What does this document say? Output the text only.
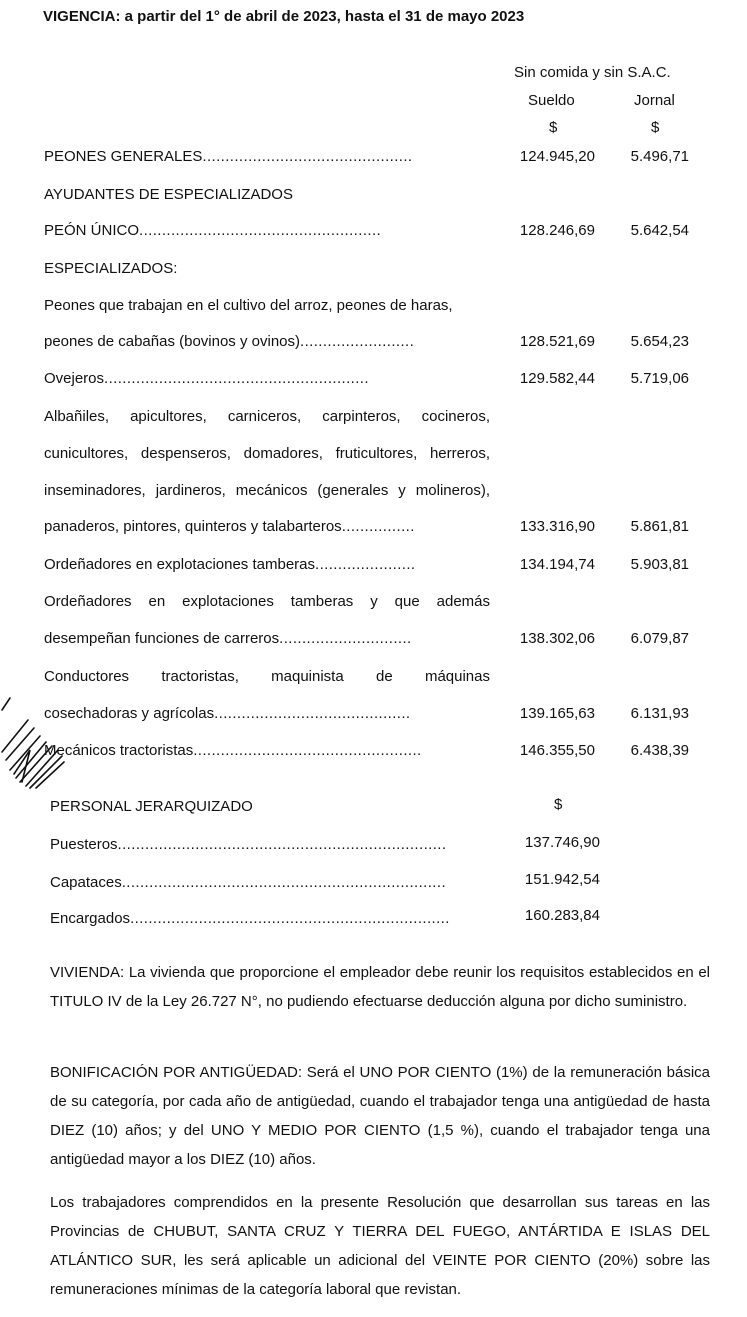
VIGENCIA: a partir del 1° de abril de 2023, hasta el 31 de mayo 2023
Sin comida y sin S.A.C.
Sueldo	Jornal
$	$
PEONES GENERALES..............................................	124.945,20	5.496,71
AYUDANTES DE ESPECIALIZADOS
PEÓN ÚNICO.....................................................	128.246,69	5.642,54
ESPECIALIZADOS:
Peones que trabajan en el cultivo del arroz, peones de haras,
peones de cabañas (bovinos y ovinos).........................	128.521,69	5.654,23
Ovejeros..........................................................	129.582,44	5.719,06
Albañiles, apicultores, carniceros, carpinteros, cocineros,
cunicultores, despenseros, domadores, fruticultores, herreros,
inseminadores, jardineros, mecánicos (generales y molineros),
panaderos, pintores, quinteros y talabarteros................	133.316,90	5.861,81
Ordeñadores en explotaciones tamberas......................	134.194,74	5.903,81
Ordeñadores en explotaciones tamberas y que además
desempeñan funciones de carreros.............................	138.302,06	6.079,87
Conductores tractoristas, maquinista de máquinas
cosechadoras y agrícolas...........................................	139.165,63	6.131,93
Mecánicos tractoristas..................................................	146.355,50	6.438,39
PERSONAL JERARQUIZADO	$
Puesteros........................................................................	137.746,90
Capataces.......................................................................	151.942,54
Encargados......................................................................	160.283,84
VIVIENDA: La vivienda que proporcione el empleador debe reunir los requisitos establecidos en el TITULO IV de la Ley 26.727 N°, no pudiendo efectuarse deducción alguna por dicho suministro.
BONIFICACIÓN POR ANTIGÜEDAD: Será el UNO POR CIENTO (1%) de la remuneración básica de su categoría, por cada año de antigüedad, cuando el trabajador tenga una antigüedad de hasta DIEZ (10) años; y del UNO Y MEDIO POR CIENTO (1,5 %), cuando el trabajador tenga una antigüedad mayor a los DIEZ (10) años.
Los trabajadores comprendidos en la presente Resolución que desarrollan sus tareas en las Provincias de CHUBUT, SANTA CRUZ Y TIERRA DEL FUEGO, ANTÁRTIDA E ISLAS DEL ATLÁNTICO SUR, les será aplicable un adicional del VEINTE POR CIENTO (20%) sobre las remuneraciones mínimas de la categoría laboral que revistan.
